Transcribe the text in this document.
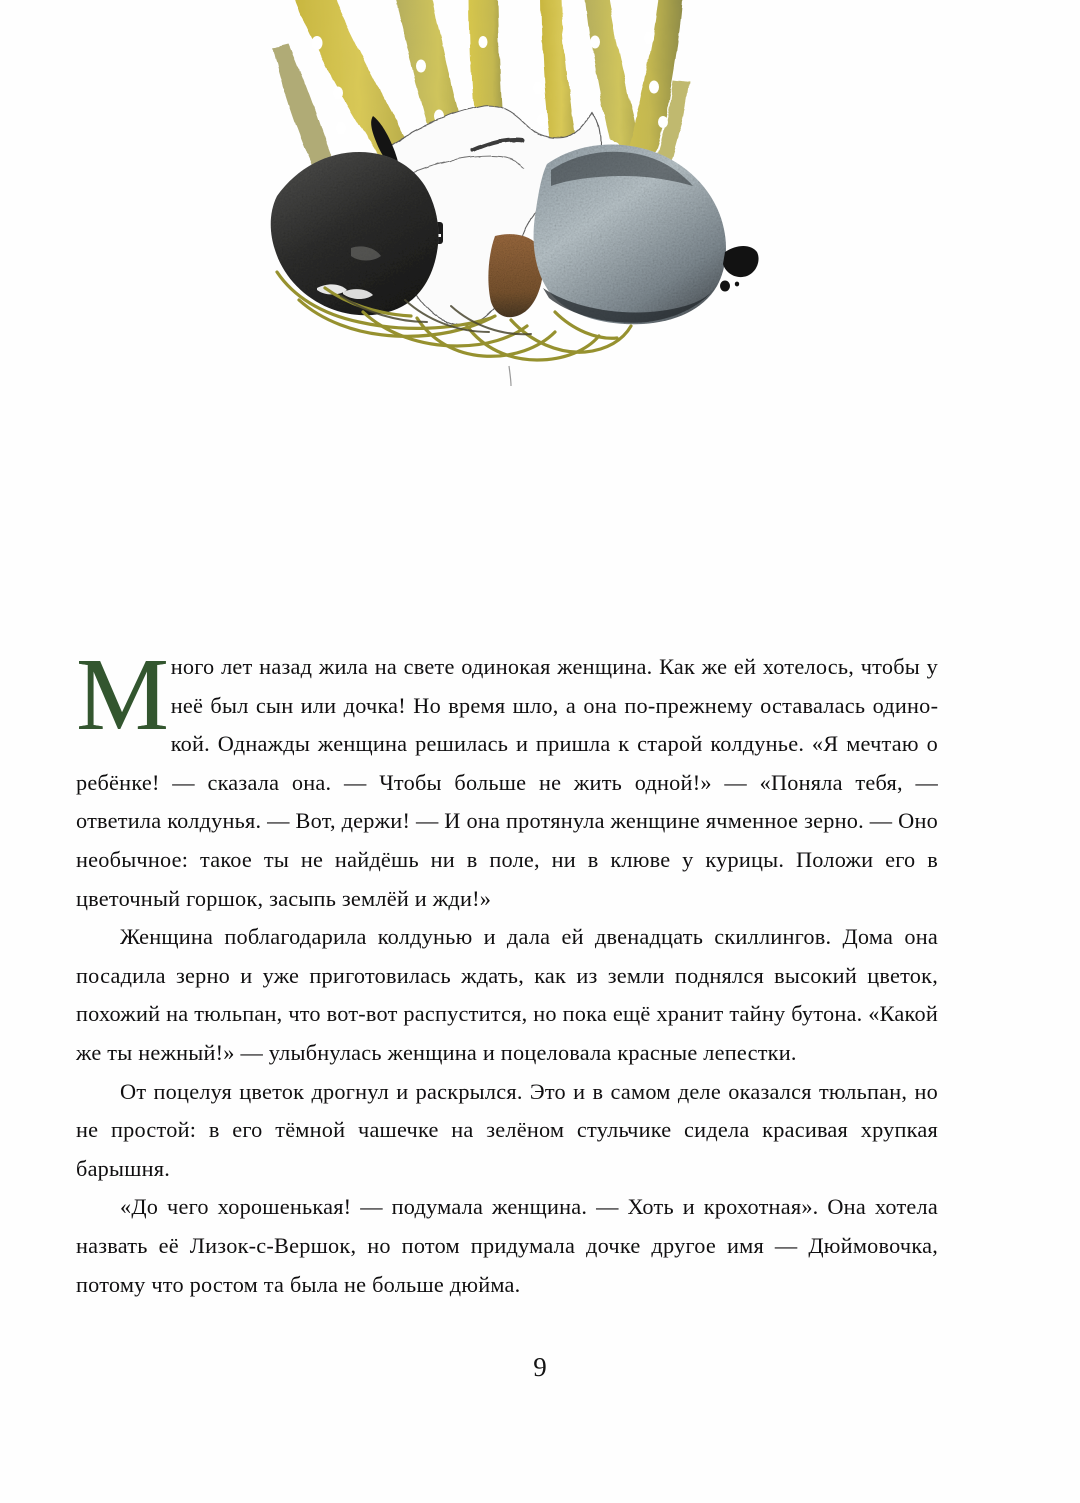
Много лет назад жила на свете одинокая женщина. Как же ей хотелось, чтобы у неё был сын или дочка! Но время шло, а она по-прежнему оставалась одинокой. Однажды женщина решилась и пришла к старой колдунье. «Я мечтаю о ребёнке! — сказала она. — Чтобы больше не жить одной!» — «Поняла тебя, — ответила колдунья. — Вот, держи! — И она протянула женщине ячменное зерно. — Оно необычное: такое ты не найдёшь ни в поле, ни в клюве у курицы. Положи его в цветочный горшок, засыпь землёй и жди!»

Женщина поблагодарила колдунью и дала ей двенадцать скиллингов. Дома она посадила зерно и уже приготовилась ждать, как из земли поднялся высокий цветок, похожий на тюльпан, что вот-вот распустится, но пока ещё хранит тайну бутона. «Какой же ты нежный!» — улыбнулась женщина и поцеловала красные лепестки.

От поцелуя цветок дрогнул и раскрылся. Это и в самом деле оказался тюльпан, но не простой: в его тёмной чашечке на зелёном стульчике сидела красивая хрупкая барышня.

«До чего хорошенькая! — подумала женщина. — Хоть и крохотная». Она хотела назвать её Лизок-с-Вершок, но потом придумала дочке другое имя — Дюймовочка, потому что ростом та была не больше дюйма.

9
